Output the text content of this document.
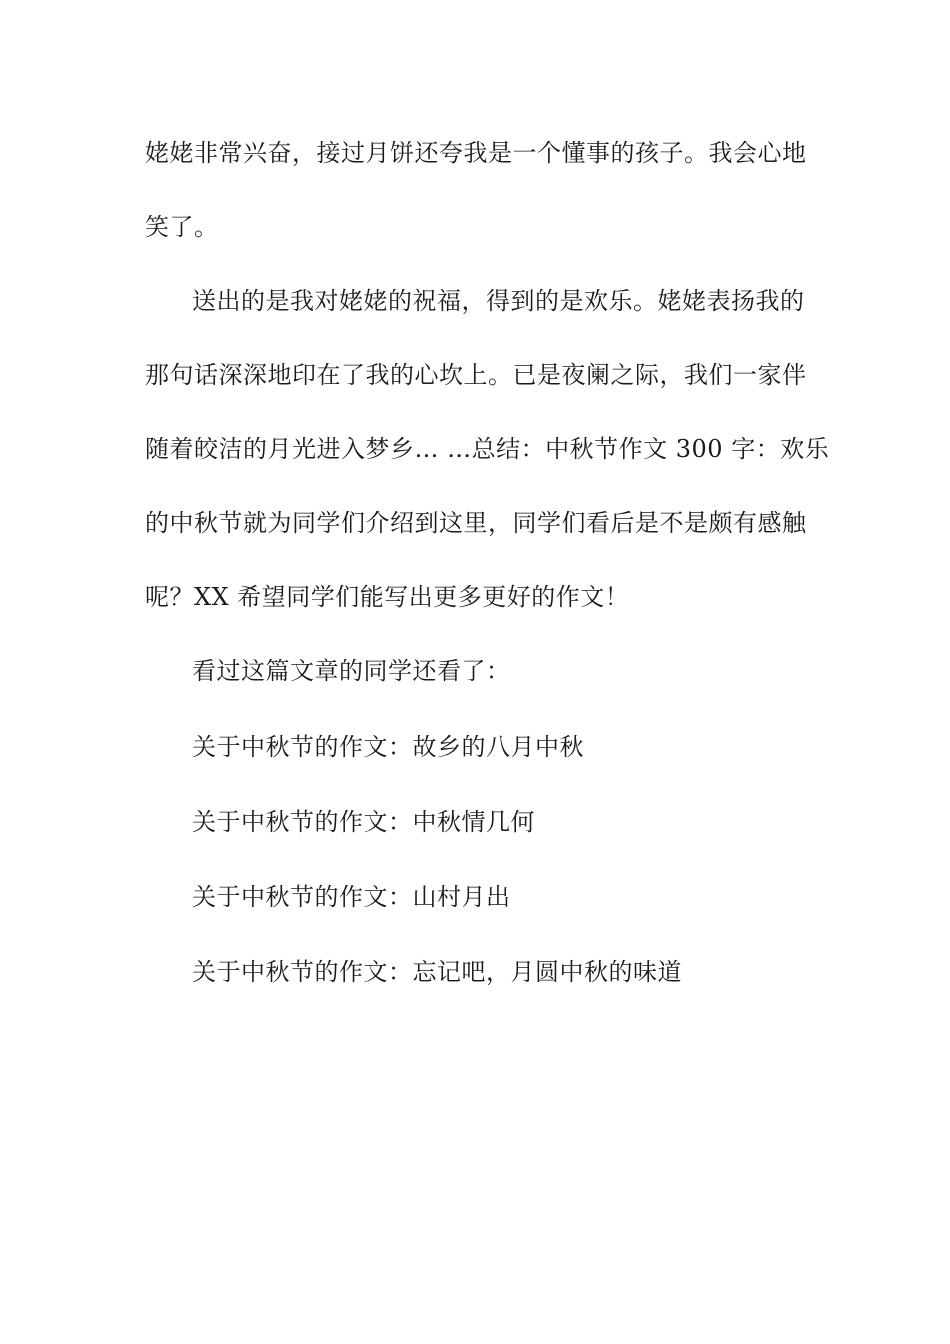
姥姥非常兴奋，接过月饼还夸我是一个懂事的孩子。我会心地
笑了。
送出的是我对姥姥的祝福，得到的是欢乐。姥姥表扬我的
那句话深深地印在了我的心坎上。已是夜阑之际，我们一家伴
随着皎洁的月光进入梦乡… …总结：中秋节作文 300 字：欢乐
的中秋节就为同学们介绍到这里，同学们看后是不是颇有感触
呢？XX 希望同学们能写出更多更好的作文！
看过这篇文章的同学还看了：
关于中秋节的作文：故乡的八月中秋
关于中秋节的作文：中秋情几何
关于中秋节的作文：山村月出
关于中秋节的作文：忘记吧，月圆中秋的味道
